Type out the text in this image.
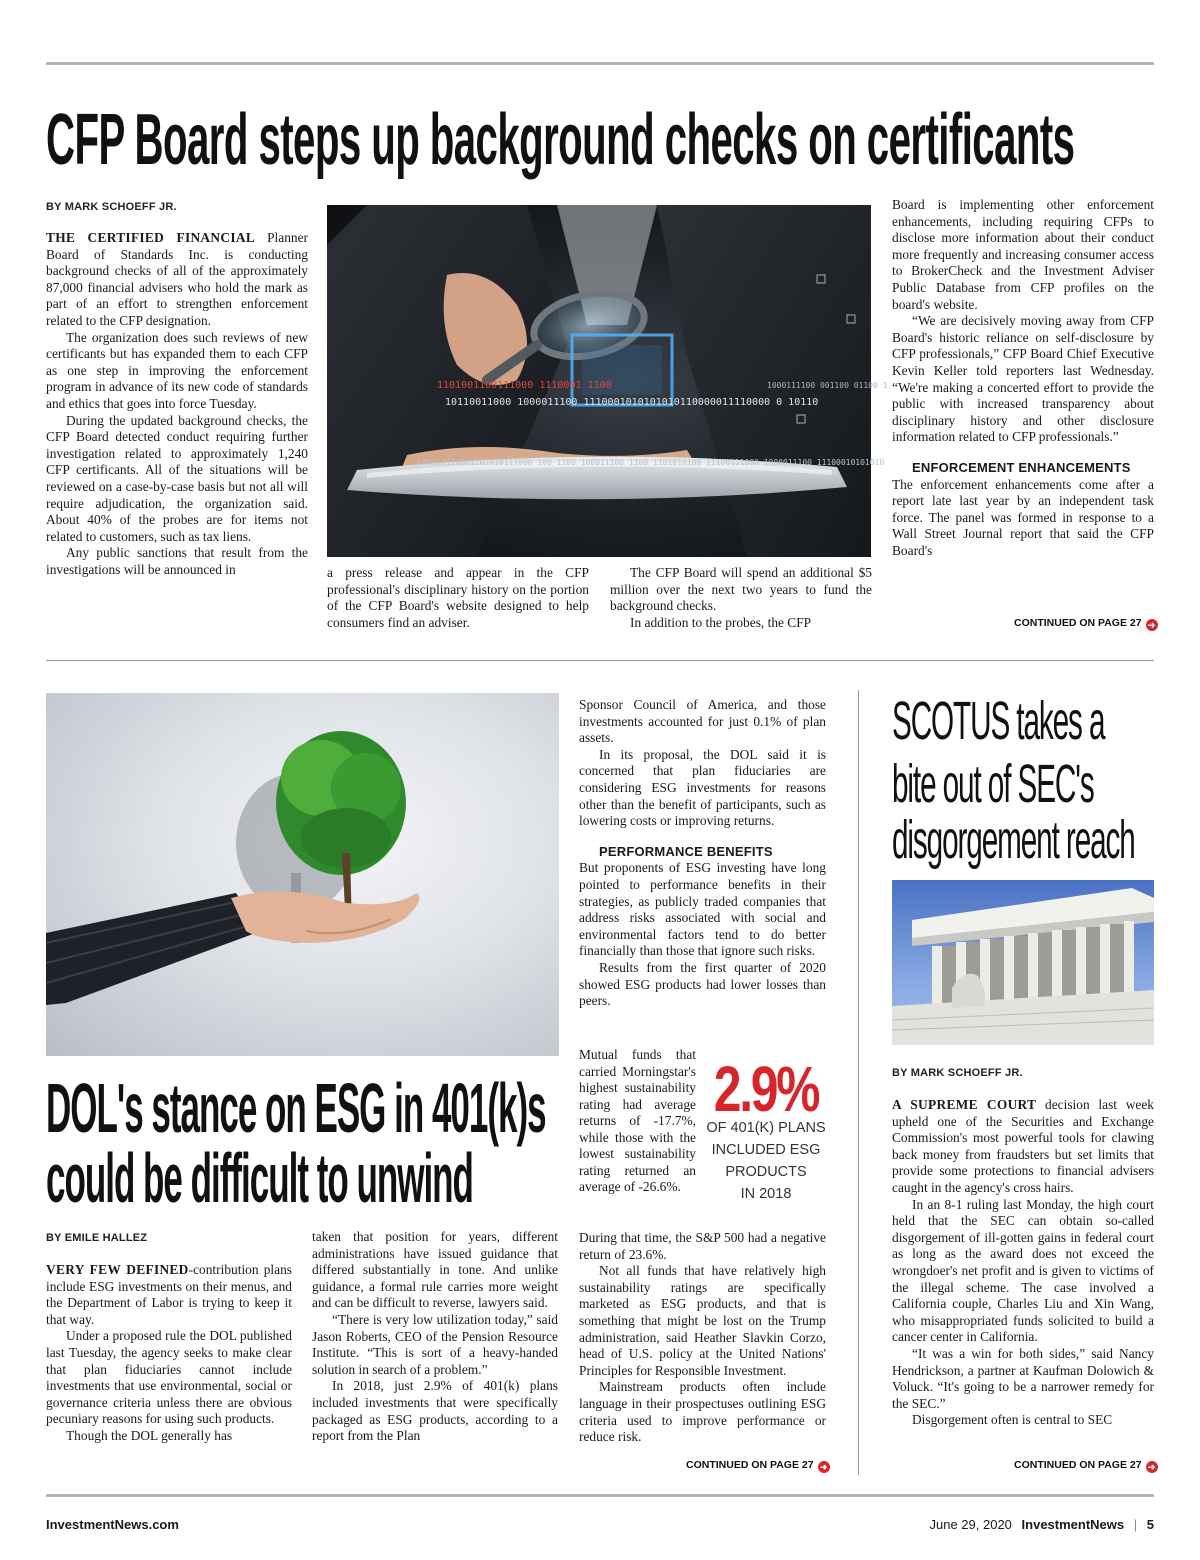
CFP Board steps up background checks on certificants
BY MARK SCHOEFF JR.

THE CERTIFIED FINANCIAL Planner Board of Standards Inc. is conducting background checks of all of the approximately 87,000 financial advisers who hold the mark as part of an effort to strengthen enforcement related to the CFP designation.

The organization does such reviews of new certificants but has expanded them to each CFP as one step in improving the enforcement program in advance of its new code of standards and ethics that goes into force Tuesday.

During the updated background checks, the CFP Board detected conduct requiring further investigation related to approximately 1,240 CFP certificants. All of the situations will be reviewed on a case-by-case basis but not all will require adjudication, the organization said. About 40% of the probes are for items not related to customers, such as tax liens.

Any public sanctions that result from the investigations will be announced in

1101001100111000 1110001 1100
10110011000 1000011100 1110001010101010110000011110000 0 10110
1000111100 001100 01100 1
100011110001101010111000 100 1100 100011100 1100 1101010100 11100111000 1000011100 11100010101010

a press release and appear in the CFP professional's disciplinary history on the portion of the CFP Board's website designed to help consumers find an adviser.

The CFP Board will spend an additional $5 million over the next two years to fund the background checks.

In addition to the probes, the CFP

Board is implementing other enforcement enhancements, including requiring CFPs to disclose more information about their conduct more frequently and increasing consumer access to BrokerCheck and the Investment Adviser Public Database from CFP profiles on the board's website.

“We are decisively moving away from CFP Board's historic reliance on self-disclosure by CFP professionals,” CFP Board Chief Executive Kevin Keller told reporters last Wednesday. “We're making a concerted effort to provide the public with increased transparency about disciplinary history and other disclosure information related to CFP professionals.”

ENFORCEMENT ENHANCEMENTS

The enforcement enhancements come after a report late last year by an independent task force. The panel was formed in response to a Wall Street Journal report that said the CFP Board's

CONTINUED ON PAGE 27 ➜
DOL's stance on ESG in 401(k)s
could be difficult to unwind
BY EMILE HALLEZ

VERY FEW DEFINED-contribution plans include ESG investments on their menus, and the Department of Labor is trying to keep it that way.

Under a proposed rule the DOL published last Tuesday, the agency seeks to make clear that plan fiduciaries cannot include investments that use environmental, social or governance criteria unless there are obvious pecuniary reasons for using such products.

Though the DOL generally has

taken that position for years, different administrations have issued guidance that differed substantially in tone. And unlike guidance, a formal rule carries more weight and can be difficult to reverse, lawyers said.

“There is very low utilization today,” said Jason Roberts, CEO of the Pension Resource Institute. “This is sort of a heavy-handed solution in search of a problem.”

In 2018, just 2.9% of 401(k) plans included investments that were specifically packaged as ESG products, according to a report from the Plan

Sponsor Council of America, and those investments accounted for just 0.1% of plan assets.

In its proposal, the DOL said it is concerned that plan fiduciaries are considering ESG investments for reasons other than the benefit of participants, such as lowering costs or improving returns.

PERFORMANCE BENEFITS

But proponents of ESG investing have long pointed to performance benefits in their strategies, as publicly traded companies that address risks associated with social and environmental factors tend to do better financially than those that ignore such risks.

Results from the first quarter of 2020 showed ESG products had lower losses than peers.

Mutual funds that carried Morningstar's highest sustainability rating had average returns of -17.7%, while those with the lowest sustainability rating returned an average of -26.6%.

2.9%
OF 401(K) PLANS
INCLUDED ESG
PRODUCTS
IN 2018

During that time, the S&P 500 had a negative return of 23.6%.

Not all funds that have relatively high sustainability ratings are specifically marketed as ESG products, and that is something that might be lost on the Trump administration, said Heather Slavkin Corzo, head of U.S. policy at the United Nations' Principles for Responsible Investment.

Mainstream products often include language in their prospectuses outlining ESG criteria used to improve performance or reduce risk.

CONTINUED ON PAGE 27 ➜
SCOTUS takes a
bite out of SEC's
disgorgement reach
BY MARK SCHOEFF JR.

A SUPREME COURT decision last week upheld one of the Securities and Exchange Commission's most powerful tools for clawing back money from fraudsters but set limits that provide some protections to financial advisers caught in the agency's cross hairs.

In an 8-1 ruling last Monday, the high court held that the SEC can obtain so-called disgorgement of ill-gotten gains in federal court as long as the award does not exceed the wrongdoer's net profit and is given to victims of the illegal scheme. The case involved a California couple, Charles Liu and Xin Wang, who misappropriated funds solicited to build a cancer center in California.

“It was a win for both sides,” said Nancy Hendrickson, a partner at Kaufman Dolowich & Voluck. “It's going to be a narrower remedy for the SEC.”

Disgorgement often is central to SEC

CONTINUED ON PAGE 27 ➜
InvestmentNews.com	June 29, 2020 InvestmentNews | 5
